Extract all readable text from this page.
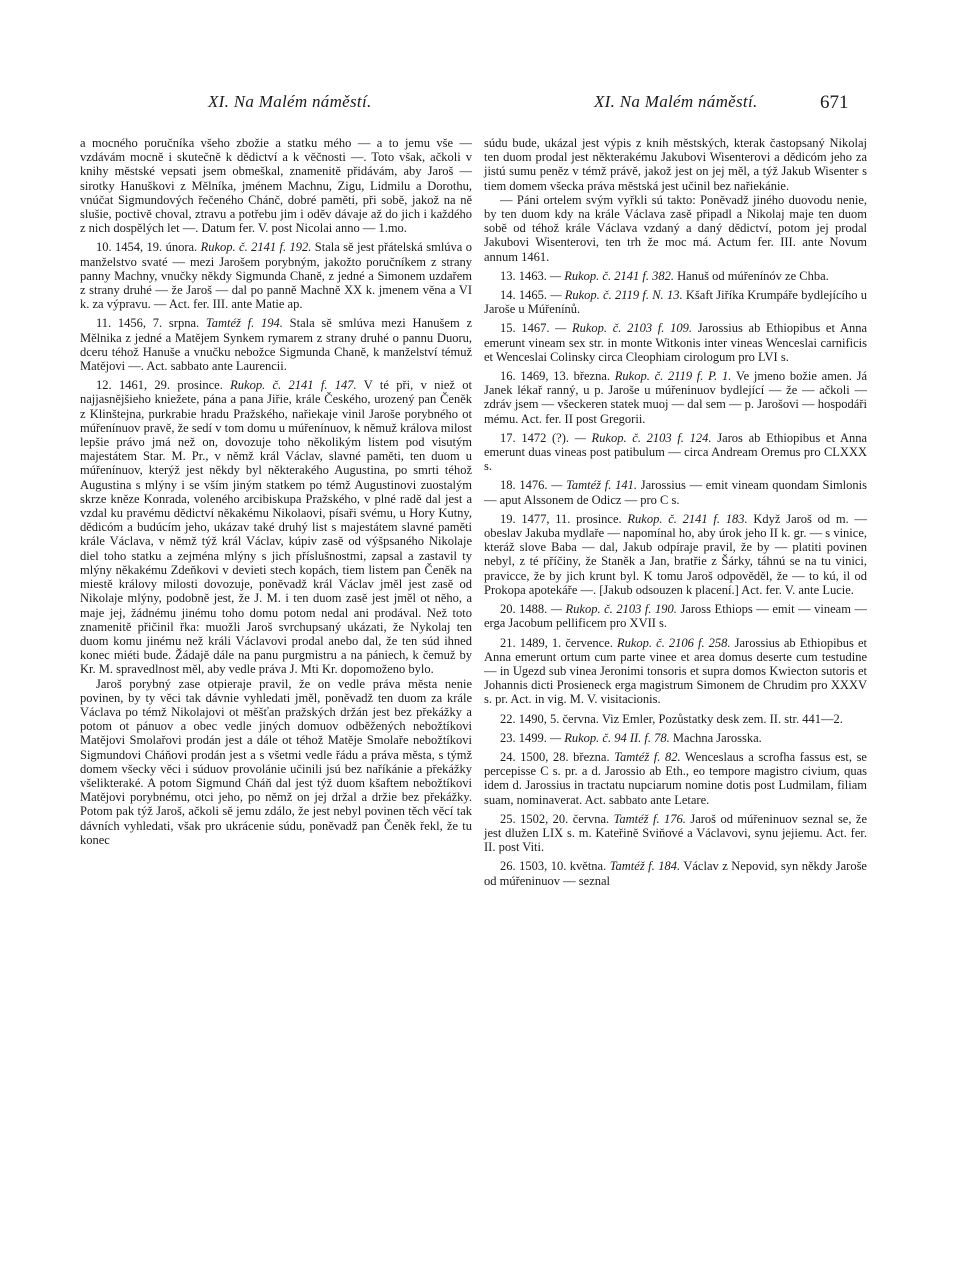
XI. Na Malém náměstí.	XI. Na Malém náměstí.	671

a mocného poručníka všeho zbožie a statku mého — a to jemu vše — vzdávám mocně i skutečně k dědictví a k věčnosti —. Toto však, ačkoli v knihy městské vepsati jsem obmeškal, znamenitě přidávám, aby Jaroš — sirotky Hanuškovi z Mělníka, jménem Machnu, Zigu, Lidmilu a Dorothu, vnúčat Sigmundových řečeného Chánč, dobré paměti, při sobě, jakož na ně slušie, poctivě choval, ztravu a potřebu jim i oděv dávaje až do jich i každého z nich dospělých let —. Datum fer. V. post Nicolai anno — 1.mo.

10. 1454, 19. února. Rukop. č. 2141 f. 192. Stala sě jest přátelská smlúva o manželstvo svaté — mezi Jarošem porybným, jakožto poručníkem z strany panny Machny, vnučky někdy Sigmunda Chaně, z jedné a Simonem uzdařem z strany druhé — že Jaroš — dal po panně Machně XX k. jmenem věna a VI k. za výpravu. — Act. fer. III. ante Matie ap.

11. 1456, 7. srpna. Tamtéž f. 194. Stala sě smlúva mezi Hanušem z Mělnika z jedné a Matějem Synkem rymarem z strany druhé o pannu Duoru, dceru téhož Hanuše a vnučku nebožce Sigmunda Chaně, k manželství témuž Matějovi —. Act. sabbato ante Laurencii.

12. 1461, 29. prosince. Rukop. č. 2141 f. 147. V té při, v niež ot najjasnějšieho kniežete, pána a pana Jiřie, krále Českého, urozený pan Čeněk z Klinštejna, purkrabie hradu Pražského, nařiekaje vinil Jaroše porybného ot múřenínuov pravě, že sedí v tom domu u múřenínuov, k němuž králova milost lepšie právo jmá než on, dovozuje toho několikým listem pod visutým majestátem Star. M. Pr., v němž král Václav, slavné paměti, ten duom u múřenínuov, kterýž jest někdy byl některakého Augustina, po smrti téhož Augustina s mlýny i se vším jiným statkem po témž Augustinovi zuostalým skrze kněze Konrada, voleného arcibiskupa Pražského, v plné radě dal jest a vzdal ku pravému dědictví někakému Nikolaovi, písaři svému, u Hory Kutny, dědicóm a budúcím jeho, ukázav také druhý list s majestátem slavné paměti krále Václava, v němž týž král Václav, kúpiv zasě od výšpsaného Nikolaje diel toho statku a zejména mlýny s jich příslušnostmi, zapsal a zastavil ty mlýny někakému Zdeňkovi v devieti stech kopách, tiem listem pan Čeněk na miestě královy milosti dovozuje, poněvadž král Václav jměl jest zasě od Nikolaje mlýny, podobně jest, že J. M. i ten duom zasě jest jměl ot něho, a maje jej, žádnému jinému toho domu potom nedal ani prodával. Než toto znamenitě přičinil řka: muožli Jaroš svrchupsaný ukázati, že Nykolaj ten duom komu jinému než králi Václavovi prodal anebo dal, že ten súd ihned konec miéti bude. Žádajě dále na panu purgmistru a na pániech, k čemuž by Kr. M. spravedlnost měl, aby vedle práva J. Mti Kr. dopomoženo bylo.

Jaroš porybný zase otpieraje pravil, že on vedle práva města nenie povinen, by ty věci tak dávnie vyhledati jměl, poněvadž ten duom za krále Václava po témž Nikolajovi ot měšťan pražských držán jest bez překážky a potom ot pánuov a obec vedle jiných domuov odběžených nebožtíkovi Matějovi Smolařovi prodán jest a dále ot téhož Matěje Smolaře nebožtíkovi Sigmundovi Cháňovi prodán jest a s všetmi vedle řádu a práva města, s týmž domem všecky věci i súduov provolánie učinili jsú bez naříkánie a překážky všelikteraké. A potom Sigmund Cháň dal jest týž duom kšaftem nebožtíkovi Matějovi porybnému, otci jeho, po němž on jej držal a držie bez překážky. Potom pak týž Jaroš, ačkoli sě jemu zdálo, že jest nebyl povinen těch věcí tak dávních vyhledati, však pro ukrácenie súdu, poněvadž pan Čeněk řekl, že tu konec

súdu bude, ukázal jest výpis z knih městských, kterak častopsaný Nikolaj ten duom prodal jest některakému Jakubovi Wisenterovi a dědicóm jeho za jistú sumu peněz v témž právě, jakož jest on jej měl, a týž Jakub Wisenter s tiem domem všecka práva městská jest učinil bez nařiekánie.

— Páni ortelem svým vyřkli sú takto: Poněvadž jiného duovodu nenie, by ten duom kdy na krále Václava zasě připadl a Nikolaj maje ten duom sobě od téhož krále Václava vzdaný a daný dědictví, potom jej prodal Jakubovi Wisenterovi, ten trh že moc má. Actum fer. III. ante Novum annum 1461.

13. 1463. — Rukop. č. 2141 f. 382. Hanuš od múřenínóv ze Chba.

14. 1465. — Rukop. č. 2119 f. N. 13. Kšaft Jiříka Krumpáře bydlejícího u Jaroše u Múřenínů.

15. 1467. — Rukop. č. 2103 f. 109. Jarossius ab Ethiopibus et Anna emerunt vineam sex str. in monte Witkonis inter vineas Wenceslai carnificis et Wenceslai Colinsky circa Cleophiam cirologum pro LVI s.

16. 1469, 13. března. Rukop. č. 2119 f. P. 1. Ve jmeno božie amen. Já Janek lékař ranný, u p. Jaroše u múřeninuov bydlející — že — ačkoli — zdráv jsem — všeckeren statek muoj — dal sem — p. Jarošovi — hospodáři mému. Act. fer. II post Gregorii.

17. 1472 (?). — Rukop. č. 2103 f. 124. Jaros ab Ethiopibus et Anna emerunt duas vineas post patibulum — circa Andream Oremus pro CLXXX s.

18. 1476. — Tamtéž f. 141. Jarossius — emit vineam quondam Simlonis — aput Alssonem de Odicz — pro C s.

19. 1477, 11. prosince. Rukop. č. 2141 f. 183. Když Jaroš od m. — obeslav Jakuba mydlaře — napomínal ho, aby úrok jeho II k. gr. — s vinice, kteráž slove Baba — dal, Jakub odpíraje pravil, že by — platiti povinen nebyl, z té příčiny, že Staněk a Jan, bratřie z Šárky, táhnú se na tu vinici, pravicce, že by jich krunt byl. K tomu Jaroš odpověděl, že — to kú, il od Prokopa apotekáře —. [Jakub odsouzen k placení.] Act. fer. V. ante Lucie.

20. 1488. — Rukop. č. 2103 f. 190. Jaross Ethiops — emit — vineam — erga Jacobum pellificem pro XVII s.

21. 1489, 1. července. Rukop. č. 2106 f. 258. Jarossius ab Ethiopibus et Anna emerunt ortum cum parte vinee et area domus deserte cum testudine — in Ugezd sub vinea Jeronimi tonsoris et supra domos Kwiecton sutoris et Johannis dicti Prosieneck erga magistrum Simonem de Chrudim pro XXXV s. pr. Act. in vig. M. V. visitacionis.

22. 1490, 5. června. Viz Emler, Pozůstatky desk zem. II. str. 441—2.

23. 1499. — Rukop. č. 94 II. f. 78. Machna Jarosska.

24. 1500, 28. března. Tamtéž f. 82. Wenceslaus a scrofha fassus est, se percepisse C s. pr. a d. Jarossio ab Eth., eo tempore magistro civium, quas idem d. Jarossius in tractatu nupciarum nomine dotis post Ludmilam, filiam suam, nominaverat. Act. sabbato ante Letare.

25. 1502, 20. června. Tamtéž f. 176. Jaroš od múřeninuov seznal se, že jest dlužen LIX s. m. Kateřině Sviňové a Václavovi, synu jejiemu. Act. fer. II. post Viti.

26. 1503, 10. května. Tamtéž f. 184. Václav z Nepovid, syn někdy Jaroše od múřeninuov — seznal
